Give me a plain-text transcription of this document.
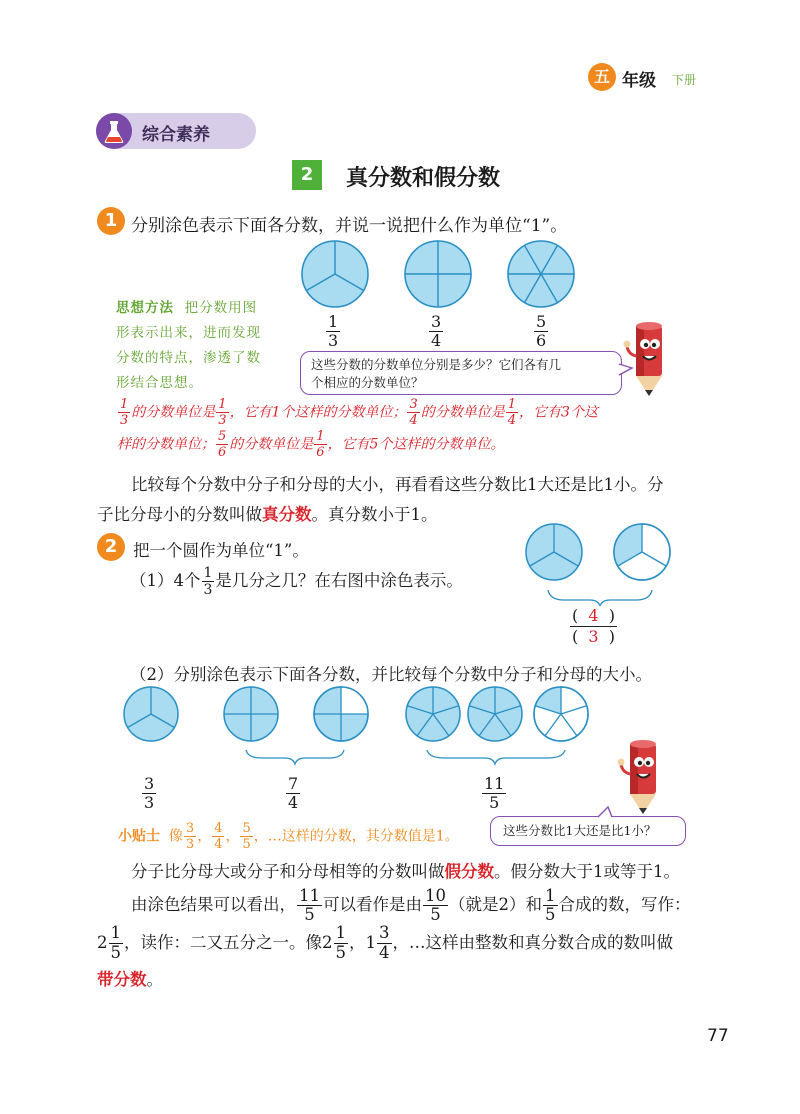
五 年级 下册
综合素养
2	真分数和假分数
1 分别涂色表示下面各分数，并说一说把什么作为单位“1”。
$\frac{1}{3}$	$\frac{3}{4}$	$\frac{5}{6}$
思想方法 把分数用图
形表示出来，进而发现
分数的特点，渗透了数
形结合思想。
这些分数的分数单位分别是多少？它们各有几
个相应的分数单位？
$\frac{1}{3}$ 的分数单位是 $\frac{1}{3}$ ，它有1个这样的分数单位； $\frac{3}{4}$ 的分数单位是 $\frac{1}{4}$ ，它有3个这
样的分数单位； $\frac{5}{6}$ 的分数单位是 $\frac{1}{6}$ ，它有5个这样的分数单位。
比较每个分数中分子和分母的大小，再看看这些分数比1大还是比1小。分
子比分母小的分数叫做真分数。真分数小于1。
2 把一个圆作为单位“1”。
（1）4个 $\frac{1}{3}$ 是几分之几？在右图中涂色表示。
(  4  )
(  3  )
（2）分别涂色表示下面各分数，并比较每个分数中分子和分母的大小。
$\frac{3}{3}$	$\frac{7}{4}$	$\frac{11}{5}$
小贴士 像 $\frac{3}{3}$ ， $\frac{4}{4}$ ， $\frac{5}{5}$ ，…这样的分数，其分数值是1。	这些分数比1大还是比1小？
分子比分母大或分子和分母相等的分数叫做假分数。假分数大于1或等于1。
由涂色结果可以看出， $\frac{11}{5}$ 可以看作是由 $\frac{10}{5}$ （就是2）和 $\frac{1}{5}$ 合成的数，写作：
$2 \frac{1}{5}$ ，读作：二又五分之一。像$2 \frac{1}{5}$ ，$1 \frac{3}{4}$ ，…这样由整数和真分数合成的数叫做
带分数。
77
